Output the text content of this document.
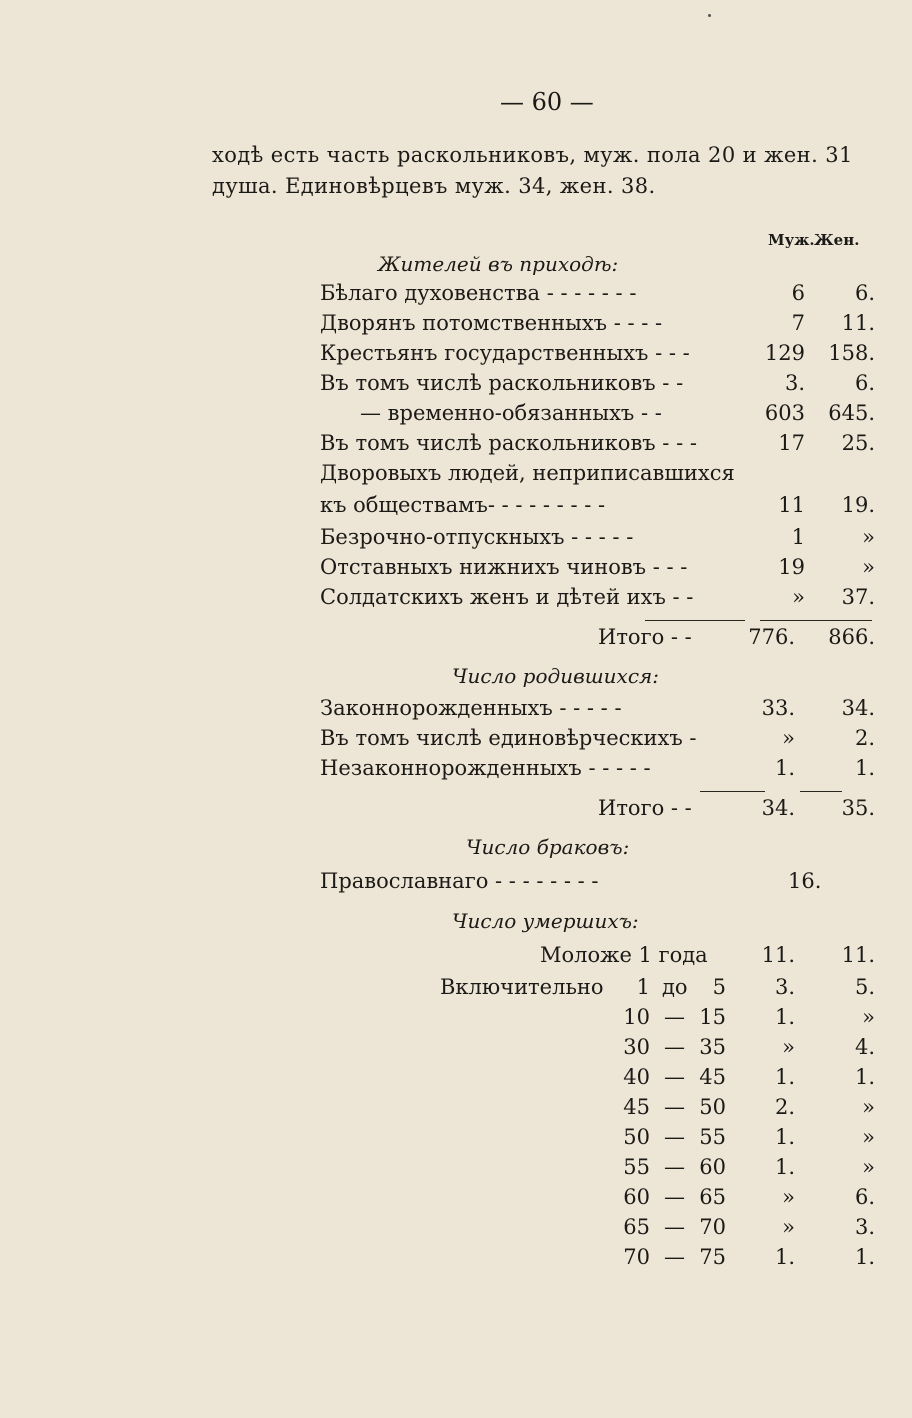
— 60 —
ходѣ есть часть раскольниковъ, муж. пола 20 и жен. 31
душа. Единовѣрцевъ муж. 34, жен. 38.
Муж. Жен.
Жителей въ приходѣ:
Бѣлаго духовенства - - - - - - -	6	6.
Дворянъ потомственныхъ - - - -	7	11.
Крестьянъ государственныхъ - - -	129	158.
Въ томъ числѣ раскольниковъ - -	3.	6.
— временно-обязанныхъ - -	603	645.
Въ томъ числѣ раскольниковъ - - -	17	25.
Дворовыхъ людей, неприписавшихся
къ обществамъ- - - - - - - - -	11	19.
Безрочно-отпускныхъ - - - - -	1	»
Отставныхъ нижнихъ чиновъ - - -	19	»
Солдатскихъ женъ и дѣтей ихъ - -	»	37.
Итого - -	776.	866.
Число родившихся:
Законнорожденныхъ - - - - -	33.	34.
Въ томъ числѣ единовѣрческихъ -	»	2.
Незаконнорожденныхъ - - - - -	1.	1.
Итого - -	34.	35.
Число браковъ:
Православнаго - - - - - - - -	16.
Число умершихъ:
Моложе 1 года	11.	11.
Включительно	1 до	5	3.	5.
10 — 15	1.	»
30 — 35	»	4.
40 — 45	1.	1.
45 — 50	2.	»
50 — 55	1.	»
55 — 60	1.	»
60 — 65	»	6.
65 — 70	»	3.
70 — 75	1.	1.
